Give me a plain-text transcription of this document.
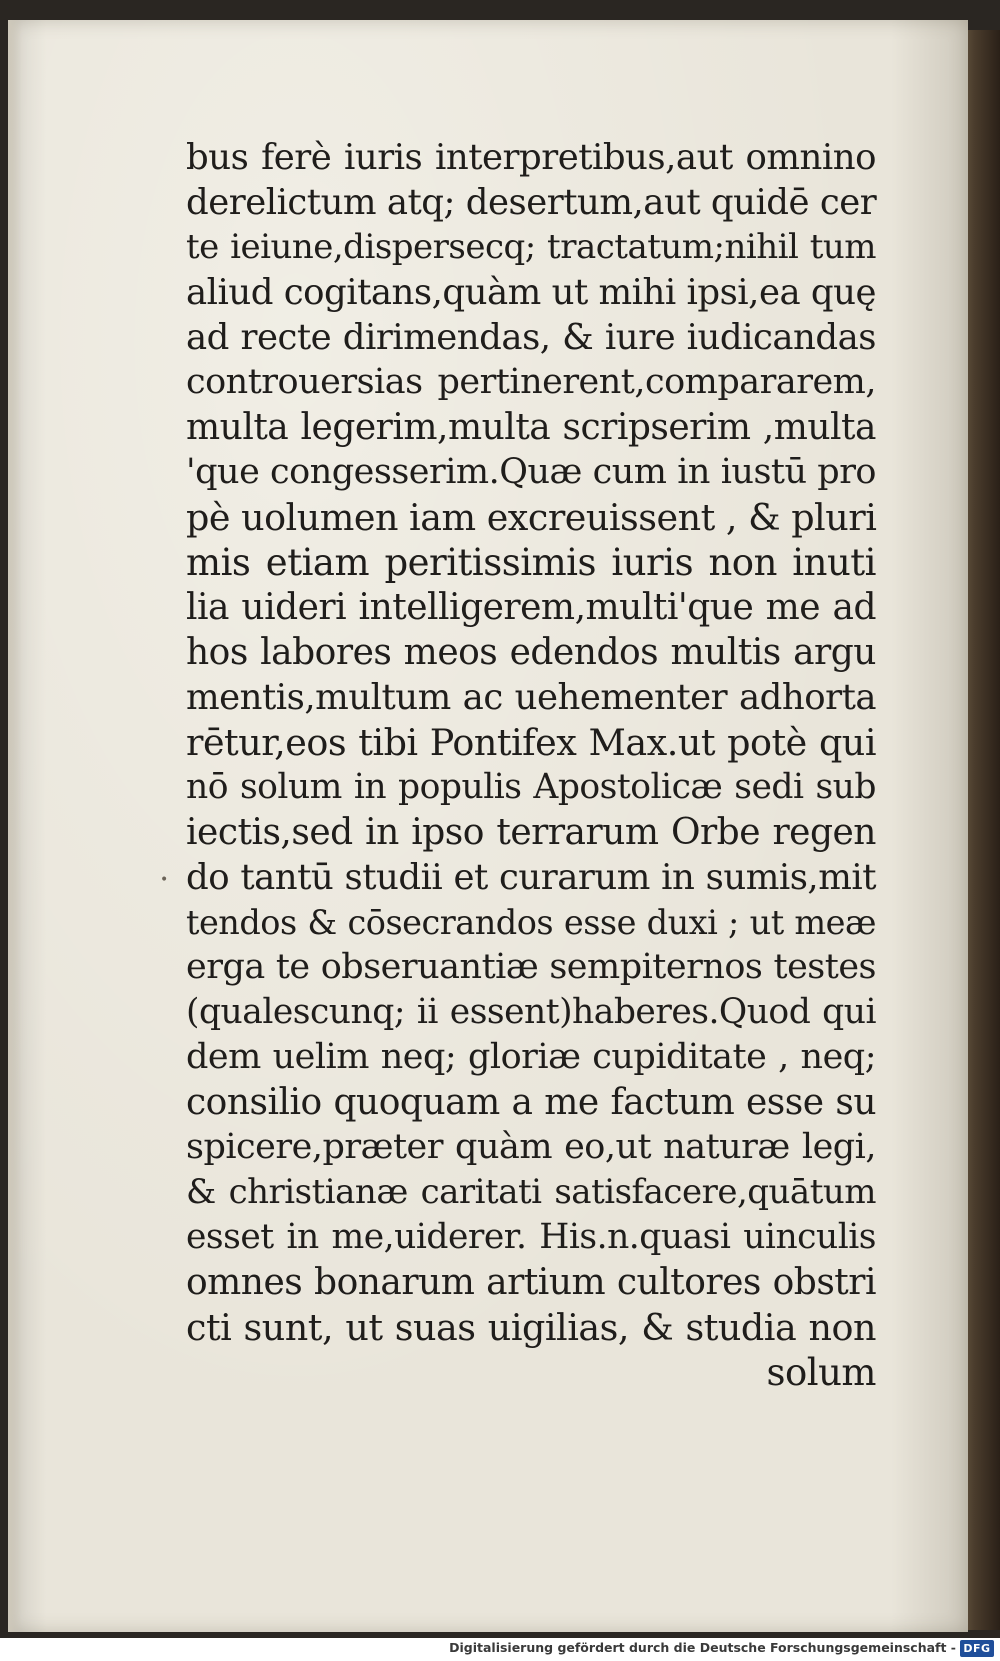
•
bus ferè iuris interpretibus,aut omnino
derelictum atq; desertum,aut quidē cer
te ieiune,dispersecq; tractatum;nihil tum
aliud cogitans,quàm ut mihi ipsi,ea quę
ad recte dirimendas, & iure iudicandas
controuersias pertinerent,compararem,
multa legerim,multa scripserim ,multa
'que congesserim.Quæ cum in iustū pro
pè uolumen iam excreuissent , & pluri
mis etiam peritissimis iuris non inuti
lia uideri intelligerem,multi'que me ad
hos labores meos edendos multis argu
mentis,multum ac uehementer adhorta
rētur,eos tibi Pontifex Max.ut potè qui
nō solum in populis Apostolicæ sedi sub
iectis,sed in ipso terrarum Orbe regen
do tantū studii et curarum in sumis,mit
tendos & cōsecrandos esse duxi ; ut meæ
erga te obseruantiæ sempiternos testes
(qualescunq; ii essent)haberes.Quod qui
dem uelim neq; gloriæ cupiditate , neq;
consilio quoquam a me factum esse su
spicere,præter quàm eo,ut naturæ legi,
& christianæ caritati satisfacere,quātum
esset in me,uiderer. His.n.quasi uinculis
omnes bonarum artium cultores obstri
cti sunt, ut suas uigilias, & studia non
solum
Digitalisierung gefördert durch die Deutsche Forschungsgemeinschaft - DFG
